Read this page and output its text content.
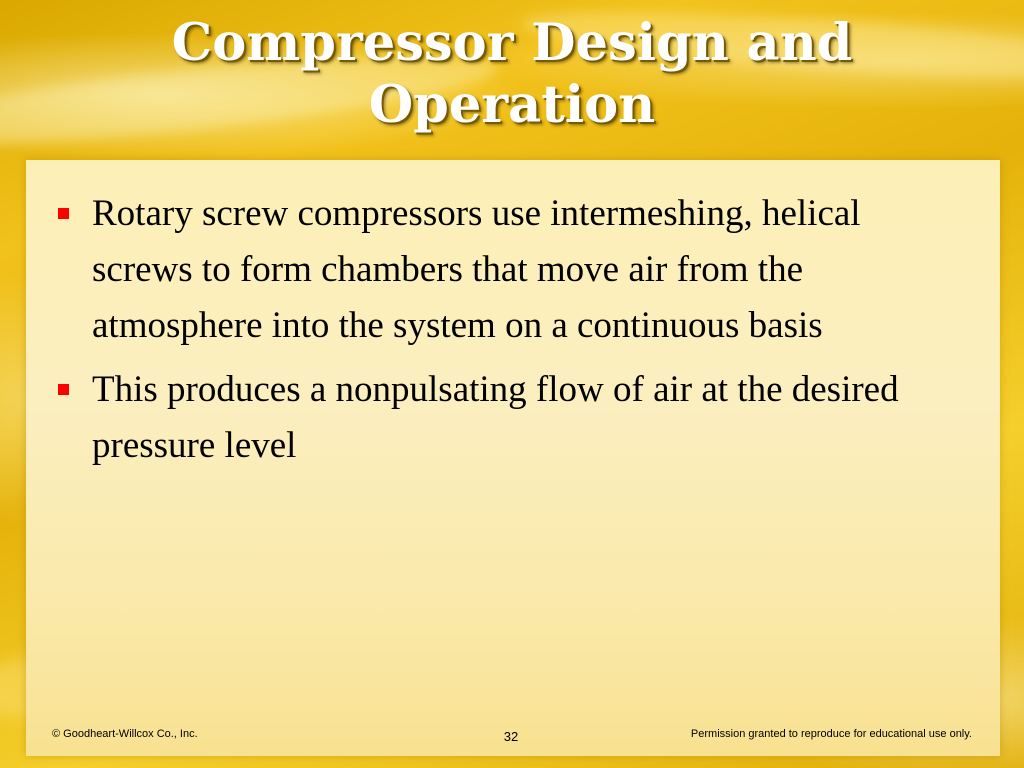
Compressor Design and
Operation
Rotary screw compressors use intermeshing, helical screws to form chambers that move air from the atmosphere into the system on a continuous basis
This produces a nonpulsating flow of air at the desired pressure level
© Goodheart-Willcox Co., Inc.	32	Permission granted to reproduce for educational use only.
